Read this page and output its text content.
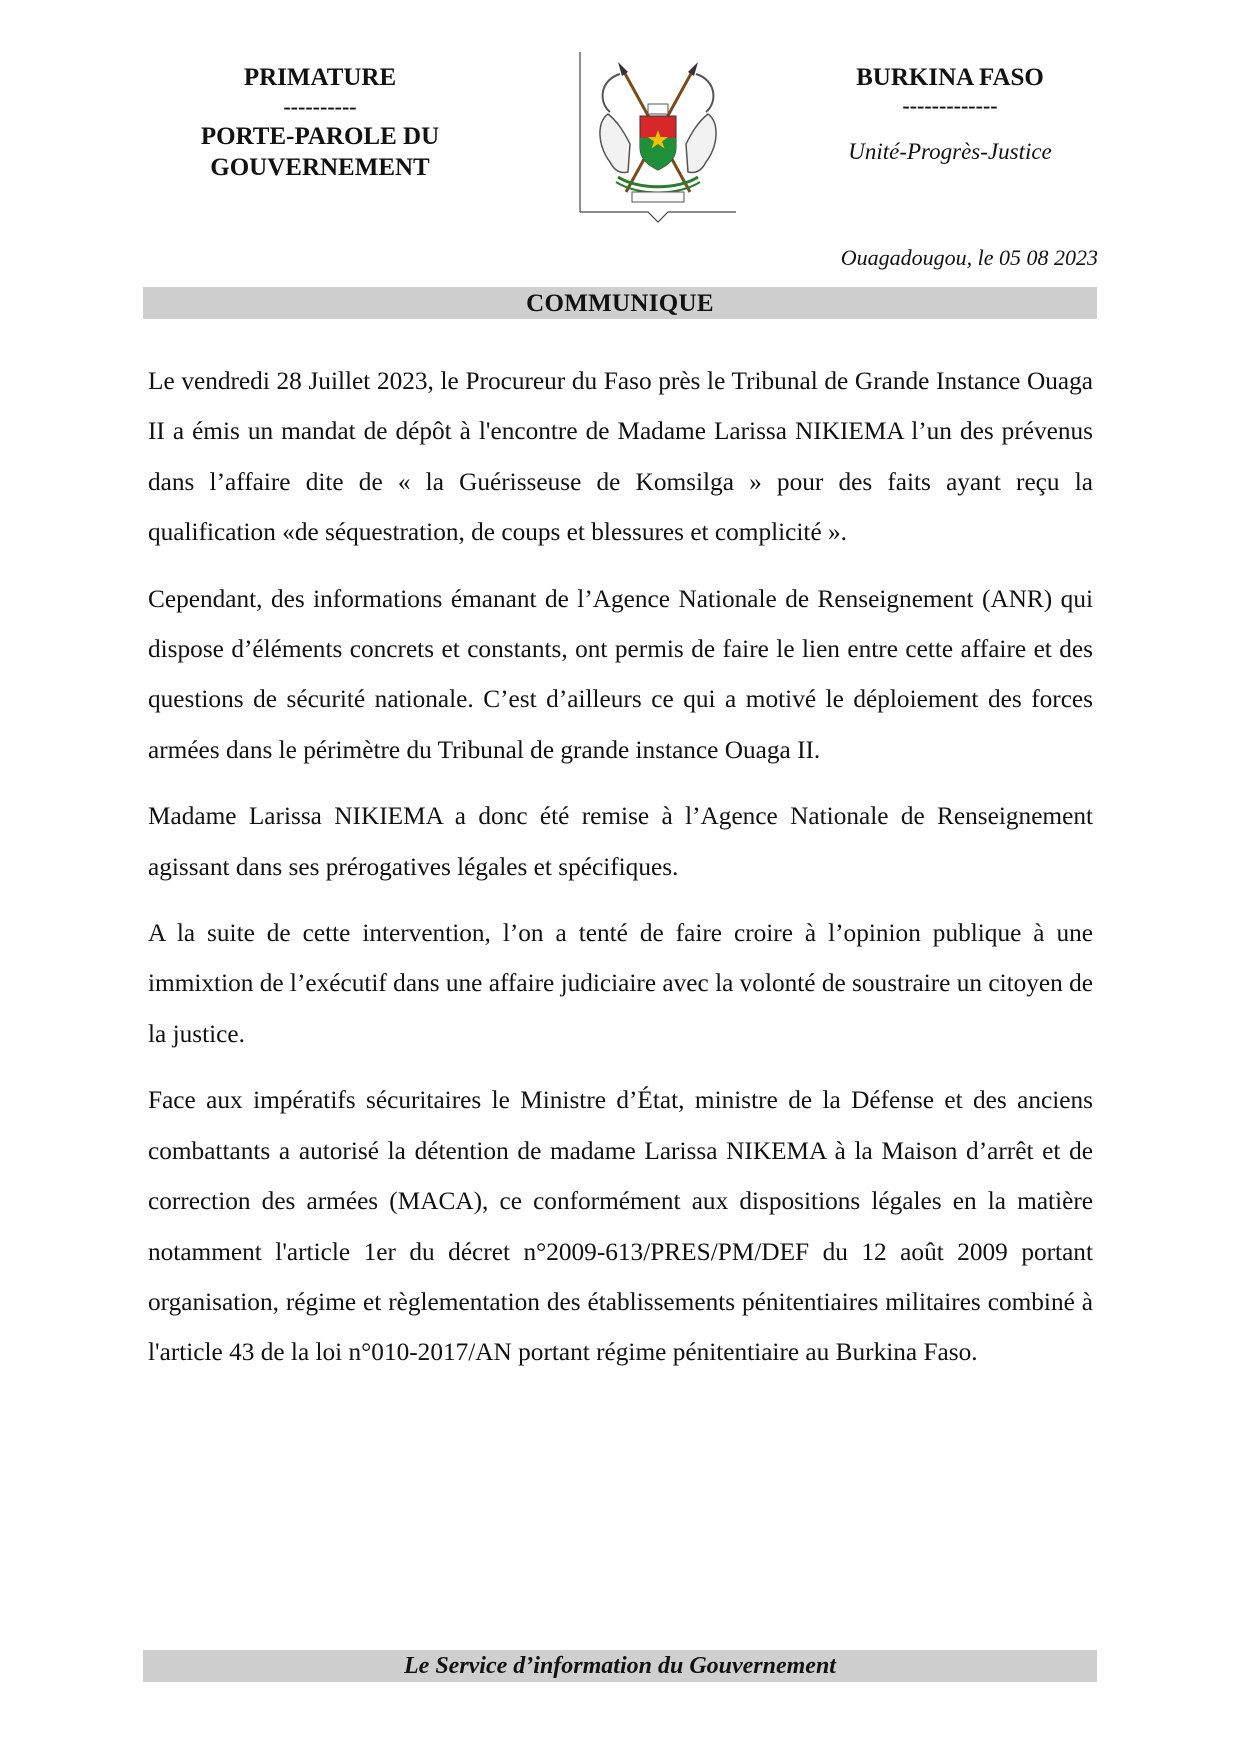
PRIMATURE
----------
PORTE-PAROLE DU
GOUVERNEMENT
BURKINA FASO
-------------
Unité-Progrès-Justice
Ouagadougou, le 05 08 2023
COMMUNIQUE

Le vendredi 28 Juillet 2023, le Procureur du Faso près le Tribunal de Grande Instance Ouaga II a émis un mandat de dépôt à l'encontre de Madame Larissa NIKIEMA l’un des prévenus dans l’affaire dite de « la Guérisseuse de Komsilga » pour des faits ayant reçu la qualification «de séquestration, de coups et blessures et complicité ».

Cependant, des informations émanant de l’Agence Nationale de Renseignement (ANR) qui dispose d’éléments concrets et constants, ont permis de faire le lien entre cette affaire et des questions de sécurité nationale. C’est d’ailleurs ce qui a motivé le déploiement des forces armées dans le périmètre du Tribunal de grande instance Ouaga II.

Madame Larissa NIKIEMA a donc été remise à l’Agence Nationale de Renseignement agissant dans ses prérogatives légales et spécifiques.

A la suite de cette intervention, l’on a tenté de faire croire à l’opinion publique à une immixtion de l’exécutif dans une affaire judiciaire avec la volonté de soustraire un citoyen de la justice.

Face aux impératifs sécuritaires le Ministre d’État, ministre de la Défense et des anciens combattants a autorisé la détention de madame Larissa NIKEMA à la Maison d’arrêt et de correction des armées (MACA), ce conformément aux dispositions légales en la matière notamment l'article 1er du décret n°2009-613/PRES/PM/DEF du 12 août 2009 portant organisation, régime et règlementation des établissements pénitentiaires militaires combiné à l'article 43 de la loi n°010-2017/AN portant régime pénitentiaire au Burkina Faso.

Le Service d’information du Gouvernement
